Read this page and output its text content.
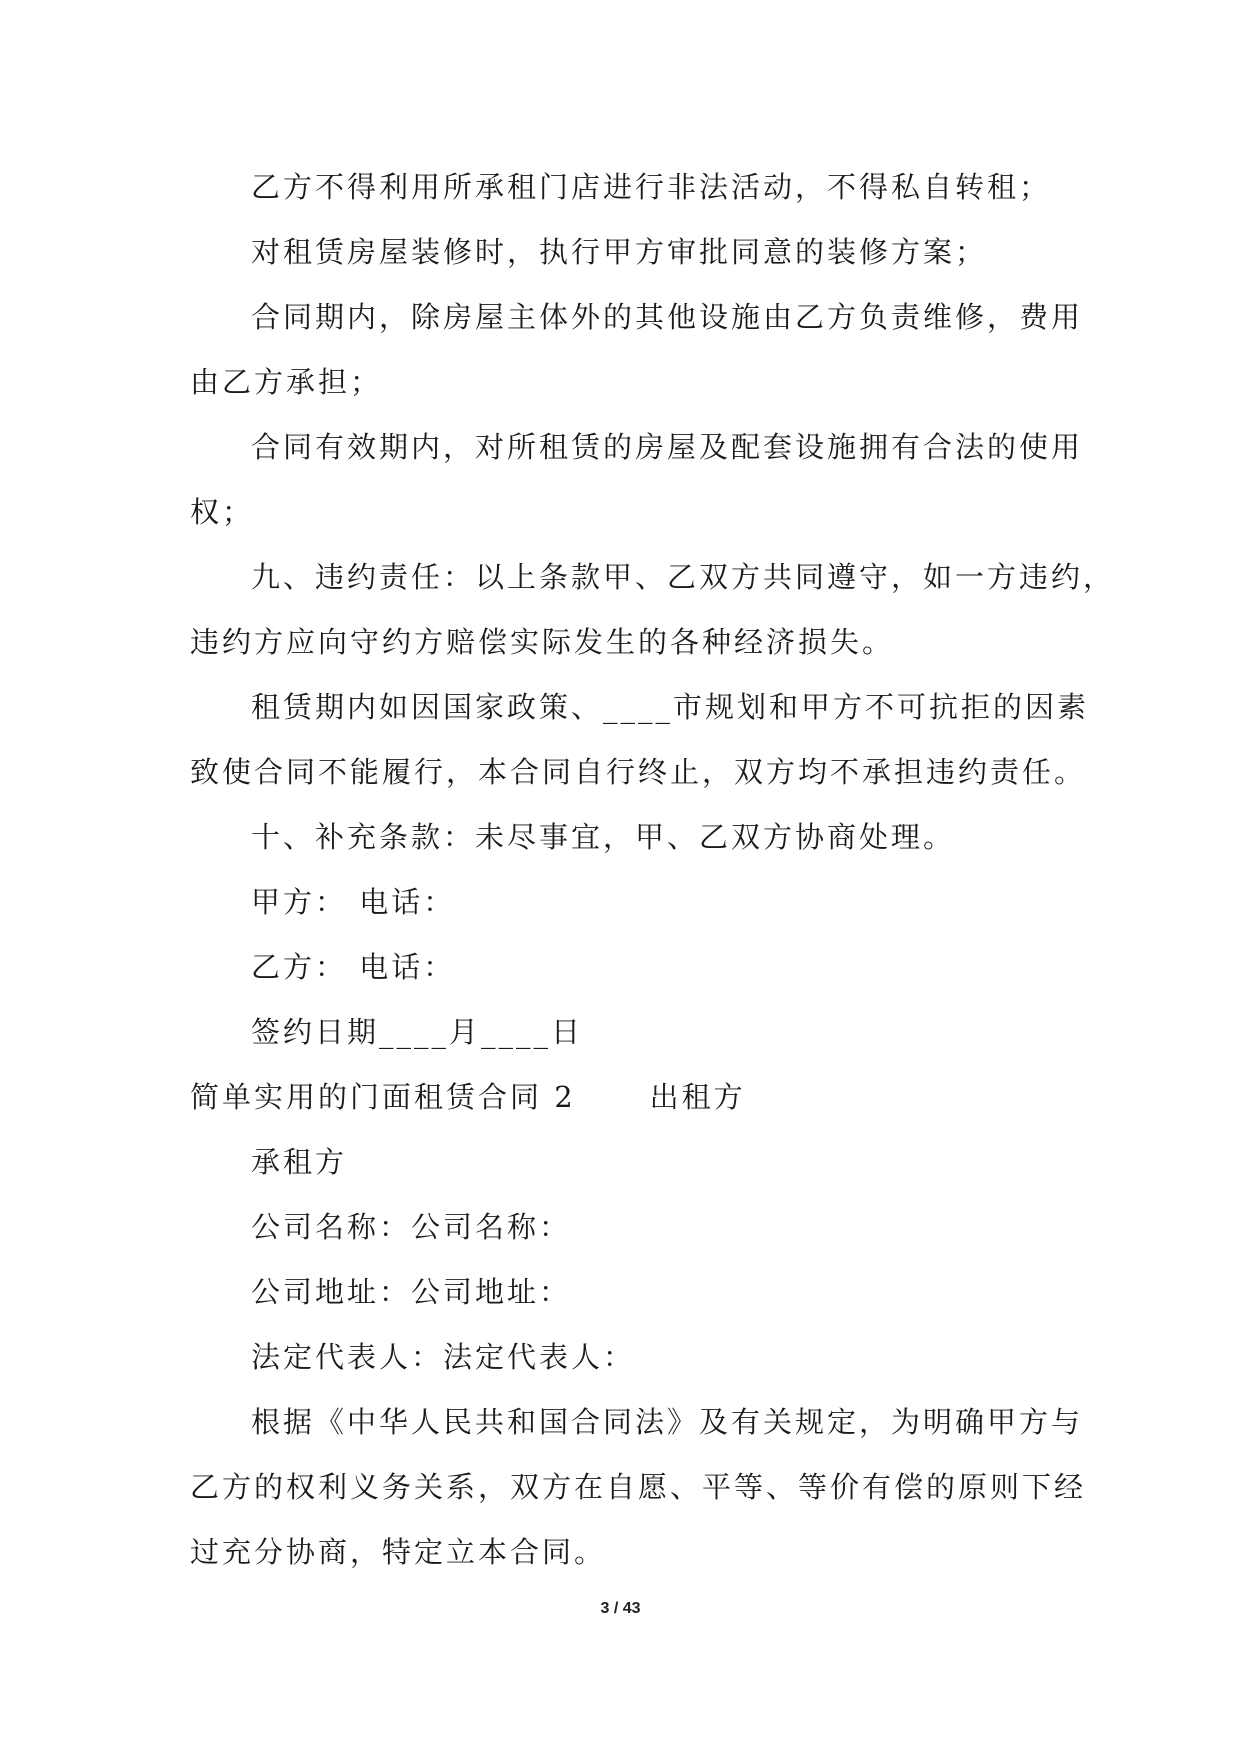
乙方不得利用所承租门店进行非法活动，不得私自转租；
对租赁房屋装修时，执行甲方审批同意的装修方案；
合同期内，除房屋主体外的其他设施由乙方负责维修，费用
由乙方承担；
合同有效期内，对所租赁的房屋及配套设施拥有合法的使用
权；
九、违约责任：以上条款甲、乙双方共同遵守，如一方违约，
违约方应向守约方赔偿实际发生的各种经济损失。
租赁期内如因国家政策、____市规划和甲方不可抗拒的因素
致使合同不能履行，本合同自行终止，双方均不承担违约责任。
十、补充条款：未尽事宜，甲、乙双方协商处理。
甲方： 电话：
乙方： 电话：
签约日期____月____日
简单实用的门面租赁合同 2	出租方
承租方
公司名称：公司名称：
公司地址：公司地址：
法定代表人：法定代表人：
根据《中华人民共和国合同法》及有关规定，为明确甲方与
乙方的权利义务关系，双方在自愿、平等、等价有偿的原则下经
过充分协商，特定立本合同。
3 / 43
